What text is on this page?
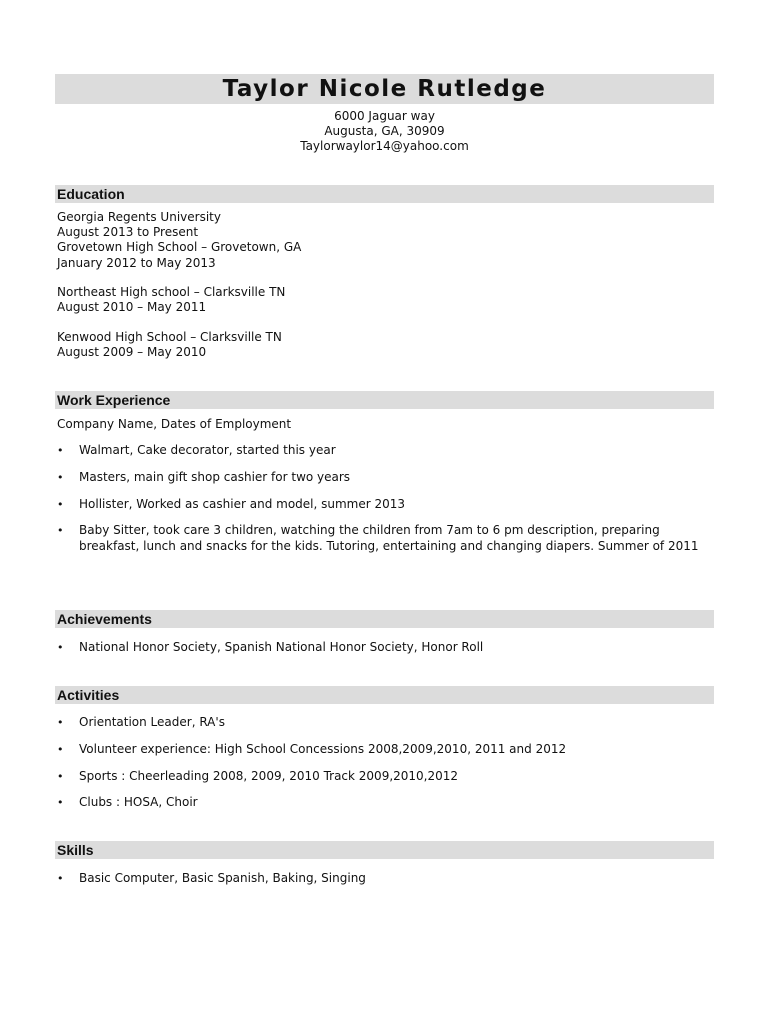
Taylor Nicole Rutledge
6000 Jaguar way
Augusta, GA, 30909
Taylorwaylor14@yahoo.com
Education
Georgia Regents University
August 2013 to Present
Grovetown High School – Grovetown, GA
January 2012 to May 2013
Northeast High school – Clarksville TN
August 2010 – May 2011
Kenwood High School – Clarksville TN
August 2009 – May 2010
Work Experience
Company Name, Dates of Employment
• Walmart, Cake decorator, started this year
• Masters, main gift shop cashier for two years
• Hollister, Worked as cashier and model, summer 2013
• Baby Sitter, took care 3 children, watching the children from 7am to 6 pm description, preparing
breakfast, lunch and snacks for the kids. Tutoring, entertaining and changing diapers. Summer of 2011
Achievements
• National Honor Society, Spanish National Honor Society, Honor Roll
Activities
• Orientation Leader, RA's
• Volunteer experience: High School Concessions 2008,2009,2010, 2011 and 2012
• Sports : Cheerleading 2008, 2009, 2010 Track 2009,2010,2012
• Clubs : HOSA, Choir
Skills
• Basic Computer, Basic Spanish, Baking, Singing
